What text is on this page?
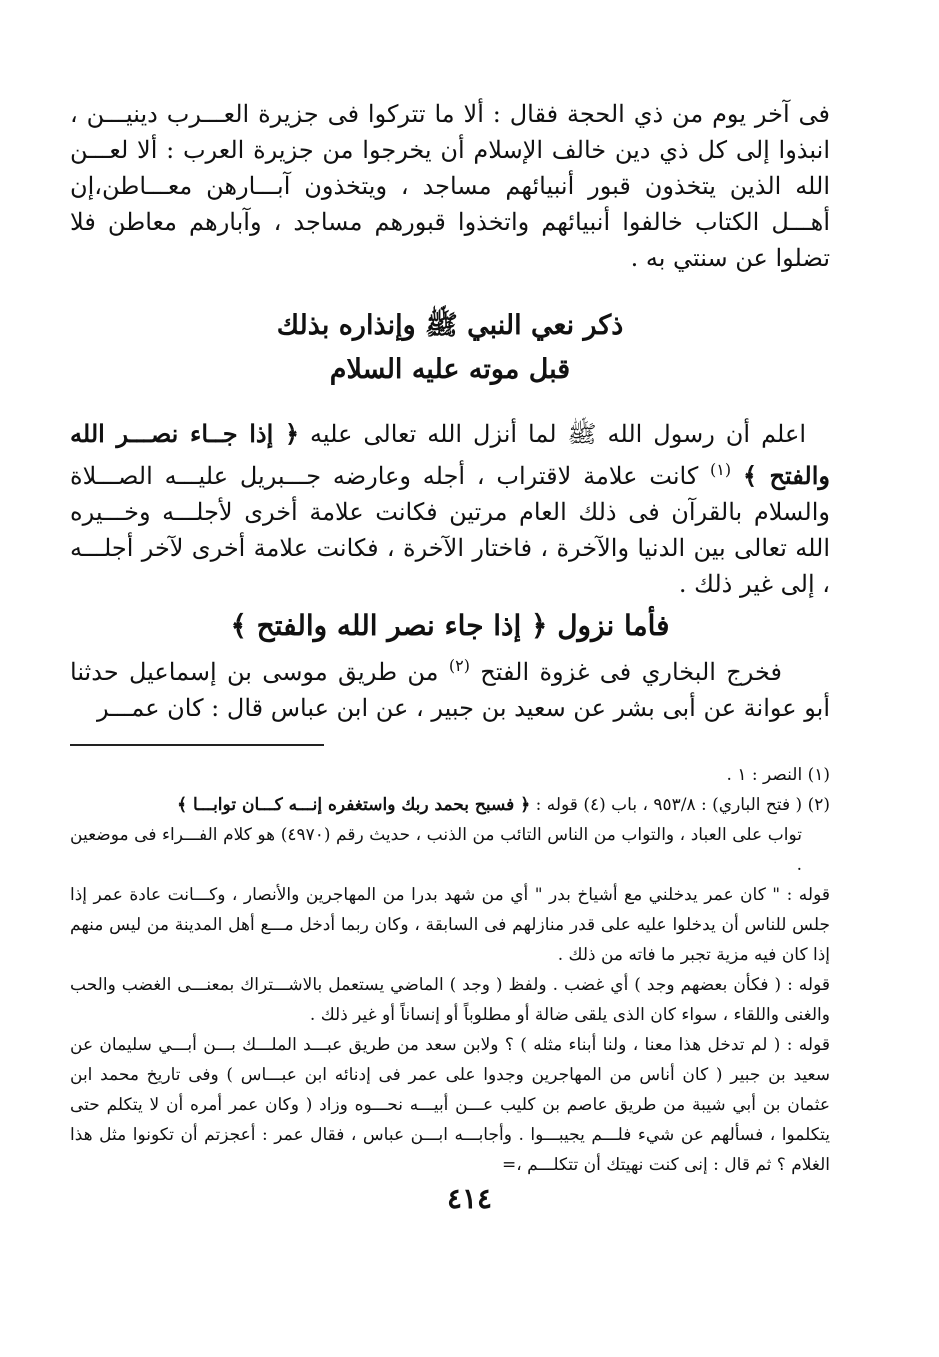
فى آخر يوم من ذي الحجة فقال : ألا ما تتركوا فى جزيرة العـــرب دينيـــن ، انبذوا إلى كل ذي دين خالف الإسلام أن يخرجوا من جزيرة العرب : ألا لعـــن الله الذين يتخذون قبور أنبيائهم مساجد ، ويتخذون آبـــارهن معـــاطن،إن أهـــل الكتاب خالفوا أنبيائهم واتخذوا قبورهم مساجد ، وآبارهم معاطن فلا تضلوا عن سنتي به .

ذكر نعي النبي ﷺ وإنذاره بذلك

قبل موته عليه السلام

 اعلم أن رسول الله ﷺ لما أنزل الله تعالى عليه ﴿ إذا جــاء نصـــر الله والفتح ﴾ $^{(١)}$ كانت علامة لاقتراب ، أجله وعارضه جـــبريل عليـــه الصـــلاة والسلام بالقرآن فى ذلك العام مرتين فكانت علامة أخرى لأجلـــه وخـــيره الله تعالى بين الدنيا والآخرة ، فاختار الآخرة ، فكانت علامة أخرى لآخر أجلـــه ، إلى غير ذلك .

فأما نزول ﴿ إذا جاء نصر الله والفتح ﴾

  فخرج البخاري فى غزوة الفتح $^{(٢)}$ من طريق موسى بن إسماعيل حدثنا أبو عوانة عن أبى بشر عن سعيد بن جبير ، عن ابن عباس قال : كان عمـــر

(١) النصر : ١ .

(٢) ( فتح الباري) : ٩٥٣/٨ ، باب (٤) قوله : ﴿ فسبح بحمد ربك واستغفره إنـــه كـــان توابـــا ﴾

تواب على العباد ، والتواب من الناس التائب من الذنب ، حديث رقم (٤٩٧٠) هو كلام الفـــراء فى موضعين .

قوله : " كان عمر يدخلني مع أشياخ بدر " أي من شهد بدرا من المهاجرين والأنصار ، وكـــانت عادة عمر إذا جلس للناس أن يدخلوا عليه على قدر منازلهم فى السابقة ، وكان ربما أدخل مـــع أهل المدينة من ليس منهم إذا كان فيه مزية تجبر ما فاته من ذلك .

قوله : ( فكأن بعضهم وجد ) أي غضب . ولفظ ( وجد ) الماضي يستعمل بالاشـــتراك بمعنـــى الغضب والحب والغنى واللقاء ، سواء كان الذى يلقى ضالة أو مطلوباً أو إنساناً أو غير ذلك .

قوله : ( لم تدخل هذا معنا ، ولنا أبناء مثله ) ؟ ولابن سعد من طريق عبـــد الملـــك بـــن أبـــي سليمان عن سعيد بن جبير ( كان أناس من المهاجرين وجدوا على عمر فى إدنائه ابن عبـــاس ) وفى تاريخ محمد ابن عثمان بن أبي شيبة من طريق عاصم بن كليب عـــن أبيـــه نحـــوه وزاد ( وكان عمر أمره أن لا يتكلم حتى يتكلموا ، فسألهم عن شيء فلـــم يجيبـــوا . وأجابـــه ابـــن عباس ، فقال عمر : أعجزتم أن تكونوا مثل هذا الغلام ؟ ثم قال : إنى كنت نهيتك أن تتكلـــم ،=

٤١٤
